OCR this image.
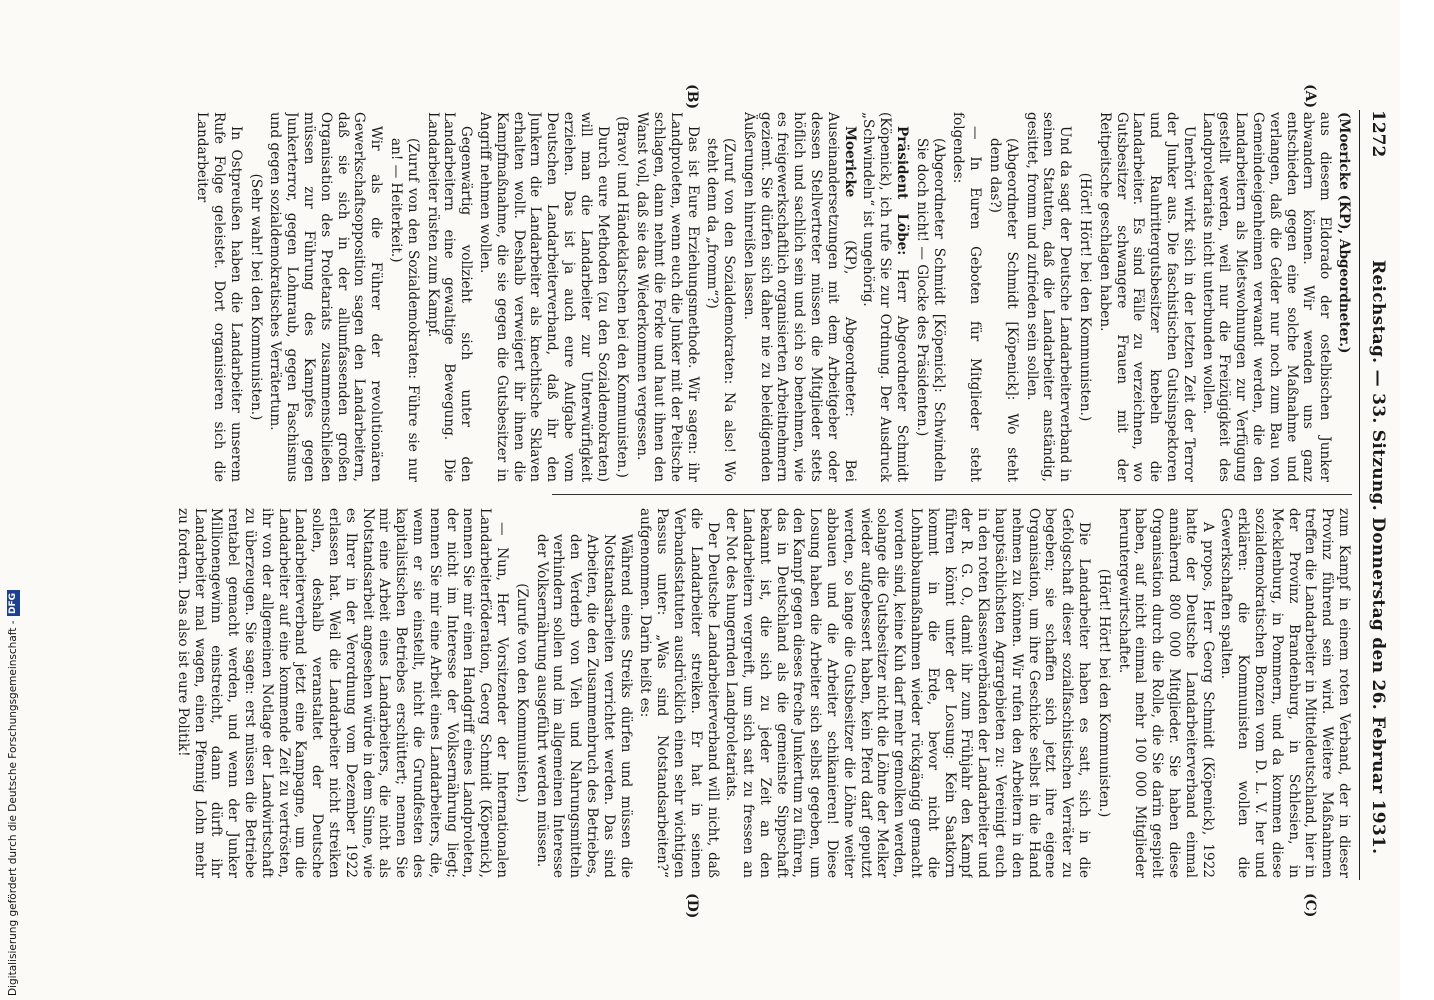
1272
Reichstag. — 33. Sitzung. Donnerstag den 26. Februar 1931.
(A)
(B)
(C)
(D)

(Moericke (KP), Abgeordneter.)

aus diesem Eldorado der ostelbischen Junker abwandern können. Wir wenden uns ganz entschieden gegen eine solche Maßnahme und verlangen, daß die Gelder nur noch zum Bau von Gemeindeeigenheimen verwandt werden, die den Landarbeitern als Mietswohnungen zur Verfügung gestellt werden, weil nur die Freizügigkeit des Landproletariats nicht unterbunden wollen.

Unerhört wirkt sich in der letzten Zeit der Terror der Junker aus. Die faschistischen Gutsinspektoren und Rauhrittergutsbesitzer knebeln die Landarbeiter. Es sind Fälle zu verzeichnen, wo Gutsbesitzer schwangere Frauen mit der Reitpeitsche geschlagen haben.

(Hört! Hört! bei den Kommunisten.)

Und da sagt der Deutsche Landarbeiterverband in seinen Statuten, daß die Landarbeiter anständig, gesittet, fromm und zufrieden sein sollen.

(Abgeordneter Schmidt [Köpenick]: Wo steht denn das?)

— In Euren Geboten für Mitglieder steht folgendes:

(Abgeordneter Schmidt [Köpenick]: Schwindeln Sie doch nicht! — Glocke des Präsidenten.)

Präsident Löbe: Herr Abgeordneter Schmidt (Köpenick), ich rufe Sie zur Ordnung. Der Ausdruck „Schwindeln“ ist ungehörig.

Moericke (KP), Abgeordneter: Bei Auseinandersetzungen mit dem Arbeitgeber oder dessen Stellvertreter müssen die Mitglieder stets höflich und sachlich sein und sich so benehmen, wie es freigewerkschaftlich organisierten Arbeitnehmern geziemt. Sie dürfen sich daher nie zu beleidigenden Äußerungen hinreißen lassen.

(Zuruf von den Sozialdemokraten: Na also! Wo steht denn da „fromm“?)

Das ist Eure Erziehungsmethode. Wir sagen: ihr Landproleten, wenn euch die Junker mit der Peitsche schlagen, dann nehmt die Forke und haut ihnen den Wanst voll, daß sie das Wiederkommen vergessen.

(Bravo! und Händeklatschen bei den Kommunisten.)

Durch eure Methoden (zu den Sozialdemokraten) will man die Landarbeiter zur Unterwürfigkeit erziehen. Das ist ja auch eure Aufgabe vom Deutschen Landarbeiterverband, daß ihr den Junkern die Landarbeiter als knechtische Sklaven erhalten wollt. Deshalb verweigert ihr ihnen die Kampfmaßnahme, die sie gegen die Gutsbesitzer in Angriff nehmen wollen.

Gegenwärtig vollzieht sich unter den Landarbeitern eine gewaltige Bewegung. Die Landarbeiter rüsten zum Kampf.

(Zuruf von den Sozialdemokraten: Führe sie nur an! — Heiterkeit.)

Wir als die Führer der revolutionären Gewerkschaftsopposition sagen den Landarbeitern, daß sie sich in der allumfassenden großen Organisation des Proletariats zusammenschließen müssen zur Führung des Kampfes gegen Junkerterror, gegen Lohnraub, gegen Faschismus und gegen sozialdemokratisches Verrätertum.

(Sehr wahr! bei den Kommunisten.)

In Ostpreußen haben die Landarbeiter unserem Rufe Folge geleistet. Dort organisieren sich die Landarbeiter

zum Kampf in einem roten Verband, der in dieser Provinz führend sein wird. Weitere Maßnahmen treffen die Landarbeiter in Mitteldeutschland, hier in der Provinz Brandenburg, in Schlesien, in Mecklenburg, in Pommern, und da kommen diese sozialdemokratischen Bonzen vom D. L. V. her und erklären: die Kommunisten wollen die Gewerkschaften spalten.

A propos, Herr Georg Schmidt (Köpenick), 1922 hatte der Deutsche Landarbeiterverband einmal annähernd 800 000 Mitglieder. Sie haben diese Organisation durch die Rolle, die Sie darin gespielt haben, auf nicht einmal mehr 100 000 Mitglieder heruntergewirtschaftet.

(Hört! Hört! bei den Kommunisten.)

Die Landarbeiter haben es satt, sich in die Gefolgschaft dieser sozialfaschistischen Verräter zu begeben; sie schaffen sich jetzt ihre eigene Organisation, um ihre Geschicke selbst in die Hand nehmen zu können. Wir rufen den Arbeitern in den hauptsächlichsten Agrargebieten zu: Vereinigt euch in den roten Klassenverbänden der Landarbeiter und der R. G. O., damit ihr zum Frühjahr den Kampf führen könnt unter der Losung: Kein Saatkorn kommt in die Erde, bevor nicht die Lohnabbaumaßnahmen wieder rückgängig gemacht worden sind, keine Kuh darf mehr gemolken werden, solange die Gutsbesitzer nicht die Löhne der Melker wieder aufgebessert haben, kein Pferd darf geputzt werden, so lange die Gutsbesitzer die Löhne weiter abbauen und die Arbeiter schikanieren! Diese Losung haben die Arbeiter sich selbst gegeben, um den Kampf gegen dieses freche Junkertum zu führen, das in Deutschland als die gemeinste Sippschaft bekannt ist, die sich zu jeder Zeit an den Landarbeitern vergreift, um sich satt zu fressen an der Not des hungernden Landproletariats.

Der Deutsche Landarbeiterverband will nicht, daß die Landarbeiter streiken. Er hat in seinen Verbandsstatuten ausdrücklich einen sehr wichtigen Passus unter: „Was sind Notstandsarbeiten?“ aufgenommen. Darin heißt es:

Während eines Streiks dürfen und müssen die Notstandsarbeiten verrichtet werden. Das sind Arbeiten, die den Zusammenbruch des Betriebes, den Verderb von Vieh und Nahrungsmitteln verhindern sollen und im allgemeinen Interesse der Volksernährung ausgeführt werden müssen.

(Zurufe von den Kommunisten.)

— Nun, Herr Vorsitzender der Internationalen Landarbeiterföderation, Georg Schmidt (Köpenick), nennen Sie mir einen Handgriff eines Landproleten, der nicht im Interesse der Volksernährung liegt; nennen Sie mir eine Arbeit eines Landarbeiters, die, wenn er sie einstellt, nicht die Grundfesten des kapitalistischen Betriebes erschüttert; nennen Sie mir eine Arbeit eines Landarbeiters, die nicht als Notstandsarbeit angesehen würde in dem Sinne, wie es Ihrer in der Verordnung vom Dezember 1922 erlassen hat. Weil die Landarbeiter nicht streiken sollen, deshalb veranstaltet der Deutsche Landarbeiterverband jetzt eine Kampagne, um die Landarbeiter auf eine kommende Zeit zu vertrösten, ihr von der allgemeinen Notlage der Landwirtschaft zu überzeugen. Sie sagen: erst müssen die Betriebe rentabel gemacht werden, und wenn der Junker Millionengewinn einstreicht, dann dürft ihr Landarbeiter mal wagen, einen Pfennig Lohn mehr zu fordern. Das also ist eure Politik!

Digitalisierung gefördert durch die Deutsche Forschungsgemeinschaft -DFG
